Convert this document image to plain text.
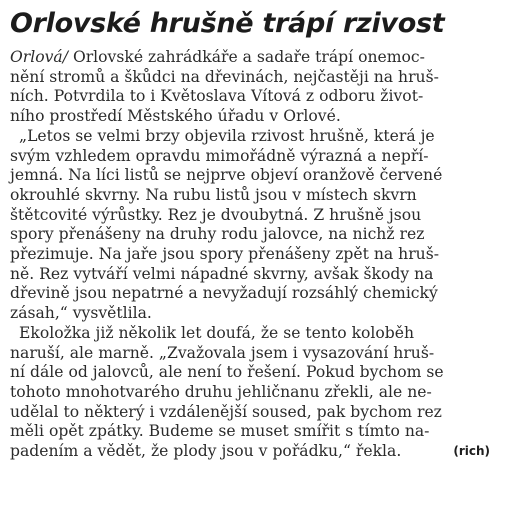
Orlovské hrušně trápí rzivost
Orlová/ Orlovské zahrádkáře a sadaře trápí onemoc-
nění stromů a škůdci na dřevinách, nejčastěji na hruš-
ních. Potvrdila to i Květoslava Vítová z odboru život-
ního prostředí Městského úřadu v Orlové.
„Letos se velmi brzy objevila rzivost hrušně, která je
svým vzhledem opravdu mimořádně výrazná a nepří-
jemná. Na líci listů se nejprve objeví oranžově červené
okrouhlé skvrny. Na rubu listů jsou v místech skvrn
štětcovité výrůstky. Rez je dvoubytná. Z hrušně jsou
spory přenášeny na druhy rodu jalovce, na nichž rez
přezimuje. Na jaře jsou spory přenášeny zpět na hruš-
ně. Rez vytváří velmi nápadné skvrny, avšak škody na
dřevině jsou nepatrné a nevyžadují rozsáhlý chemický
zásah,“ vysvětlila.
Ekoložka již několik let doufá, že se tento koloběh
naruší, ale marně. „Zvažovala jsem i vysazování hruš-
ní dále od jalovců, ale není to řešení. Pokud bychom se
tohoto mnohotvarého druhu jehličnanu zřekli, ale ne-
udělal to některý i vzdálenější soused, pak bychom rez
měli opět zpátky. Budeme se muset smířit s tímto na-
padením a vědět, že plody jsou v pořádku,“ řekla.	(rich)
